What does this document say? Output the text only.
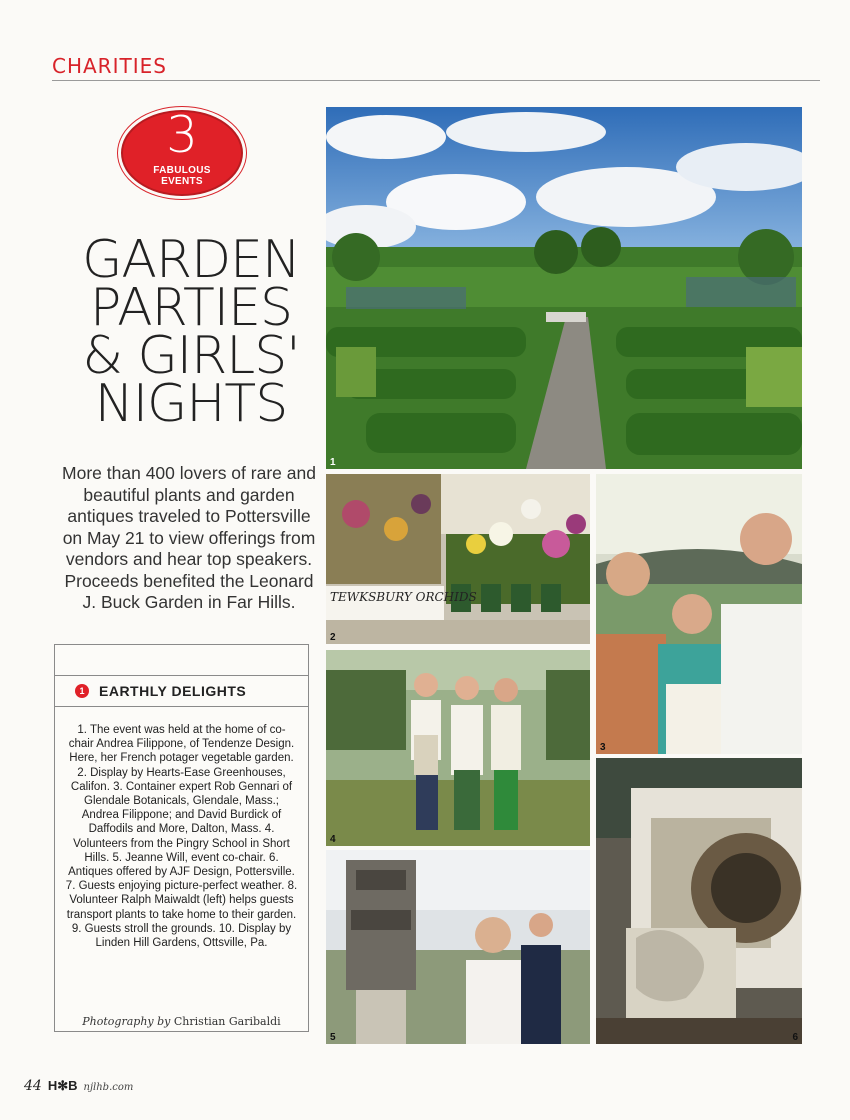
CHARITIES
3
FABULOUS
EVENTS
GARDEN
PARTIES
& GIRLS'
NIGHTS
More than 400 lovers of rare and beautiful plants and garden antiques traveled to Pottersville on May 21 to view offerings from vendors and hear top speakers. Proceeds benefited the Leonard J. Buck Garden in Far Hills.
1	EARTHLY DELIGHTS
1. The event was held at the home of co-chair Andrea Filippone, of Tendenze Design. Here, her French potager vegetable garden. 2. Display by Hearts-Ease Greenhouses, Califon. 3. Container expert Rob Gennari of Glendale Botanicals, Glendale, Mass.; Andrea Filippone; and David Burdick of Daffodils and More, Dalton, Mass. 4. Volunteers from the Pingry School in Short Hills. 5. Jeanne Will, event co-chair. 6. Antiques offered by AJF Design, Pottersville. 7. Guests enjoying picture-perfect weather. 8. Volunteer Ralph Maiwaldt (left) helps guests transport plants to take home to their garden. 9. Guests stroll the grounds. 10. Display by Linden Hill Gardens, Ottsville, Pa.
Photography by Christian Garibaldi
1
TEWKSBURY ORCHIDS
2
3
4
5	6
44 H✻B njlhb.com
